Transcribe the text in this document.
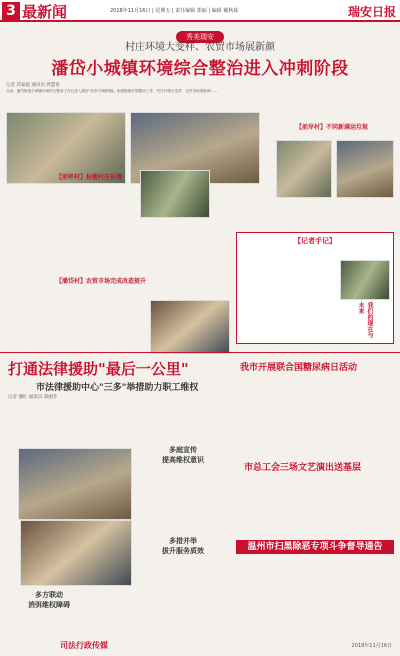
3 最新闻	2018年11月16日 | 星期五 | 责任编辑 郑丽 | 编辑 戴秋妹	瑞安日报
秀美瑞安
村庄环境大变样、农贸市场展新颜
潘岱小城镇环境综合整治进入冲刺阶段
记者 苏家砚 通讯员 周慧真
当前，潘岱街道小城镇环境综合整治工作已进入最后"攻坚"冲刺阶段。街道积极开展整治工作，村庄环境大变样、农贸市场展新颜……
【前样村】扮靓村庄环境
【潘岱村】农贸市场完成改造提升
【前岸村】不同新满运垃圾
【记者手记】
我们的现在与未来
打通法律援助"最后一公里"
市法律援助中心"三多"举措助力职工维权
记者 潘红 通讯员 郑丽芳
多庭宣传
提高维权意识
多措并举
拔升服务质效
多方联动
消弭维权障碍
我市开展联合国糖尿病日活动
市总工会三场文艺演出送基层
温州市扫黑除恶专项斗争督导通告
司法行政传媒	2018年11月16日
